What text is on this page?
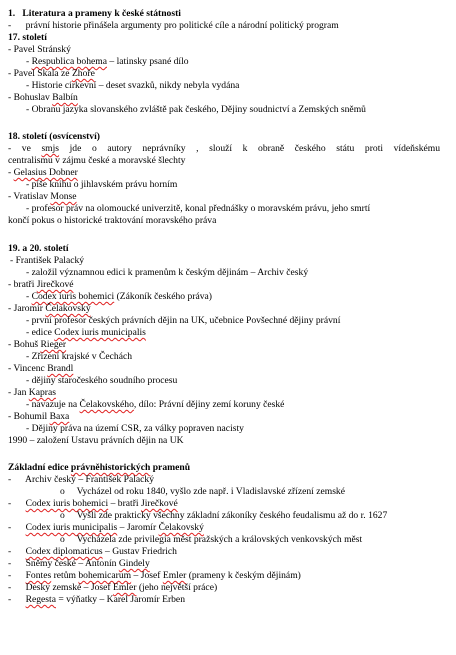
1.   Literatura a prameny k české státnosti
-      právní historie přinášela argumenty pro politické cíle a národní politický program
17. století
- Pavel Stránský
- Respublica bohema – latinsky psané dílo
- Pavel Skala ze Zhoře
- Historie církevní – deset svazků, nikdy nebyla vydána
- Bohuslav Balbín
- Obranu jazyka slovanského zvláště pak českého, Dějiny soudnictví a Zemských sněmů
18. století (osvícenství)
- ve smjs jde o autory neprávníky , slouží k obraně českého státu proti vídeňskému
centralismu v zájmu české a moravské šlechty
- Gelasius Dobner
- píše knihu o jihlavském právu horním
- Vratislav Monse
- profesor práv na olomoucké univerzitě, konal přednášky o moravském právu, jeho smrtí
končí pokus o historické traktování moravského práva
19. a 20. století
- František Palacký
- založil významnou edici k pramenům k českým dějinám – Archiv český
- bratři Jirečkové
- Codex iuris bohemici (Zákoník českého práva)
- Jaromír Čelakovský
- první profesor českých právních dějin na UK, učebnice Povšechné dějiny právní
- edice Codex iuris municipalis
- Bohuš Rieger
- Zřízení krajské v Čechách
- Vincenc Brandl
- dějiny staročeského soudního procesu
- Jan Kapras
- navazuje na Čelakovského, dílo: Právní dějiny zemí koruny české
- Bohumil Baxa
- Dějiny práva na území CSR, za války popraven nacisty
1990 – založení Ustavu právních dějin na UK
Základní edice právněhistorických pramenů
-      Archiv český – František Palacký
o     Vycházel od roku 1840, vyšlo zde např. i Vladislavské zřízení zemské
-      Codex iuris bohemici – bratři Jirečkové
o     Vyšli zde prakticky všechny základní zákoníky českého feudalismu až do r. 1627
-      Codex iuris municipalis – Jaromír Čelakovský
o     Vycházela zde privilegia měst pražských a královských venkovských měst
-      Codex diplomaticus – Gustav Friedrich
-      Sněmy české – Antonín Gindely
-      Fontes retům bohemicarum – Josef Emler (prameny k českým dějinám)
-      Desky zemské – Josef Emler (jeho největší práce)
-      Regesta = výňatky – Karel Jaromír Erben
